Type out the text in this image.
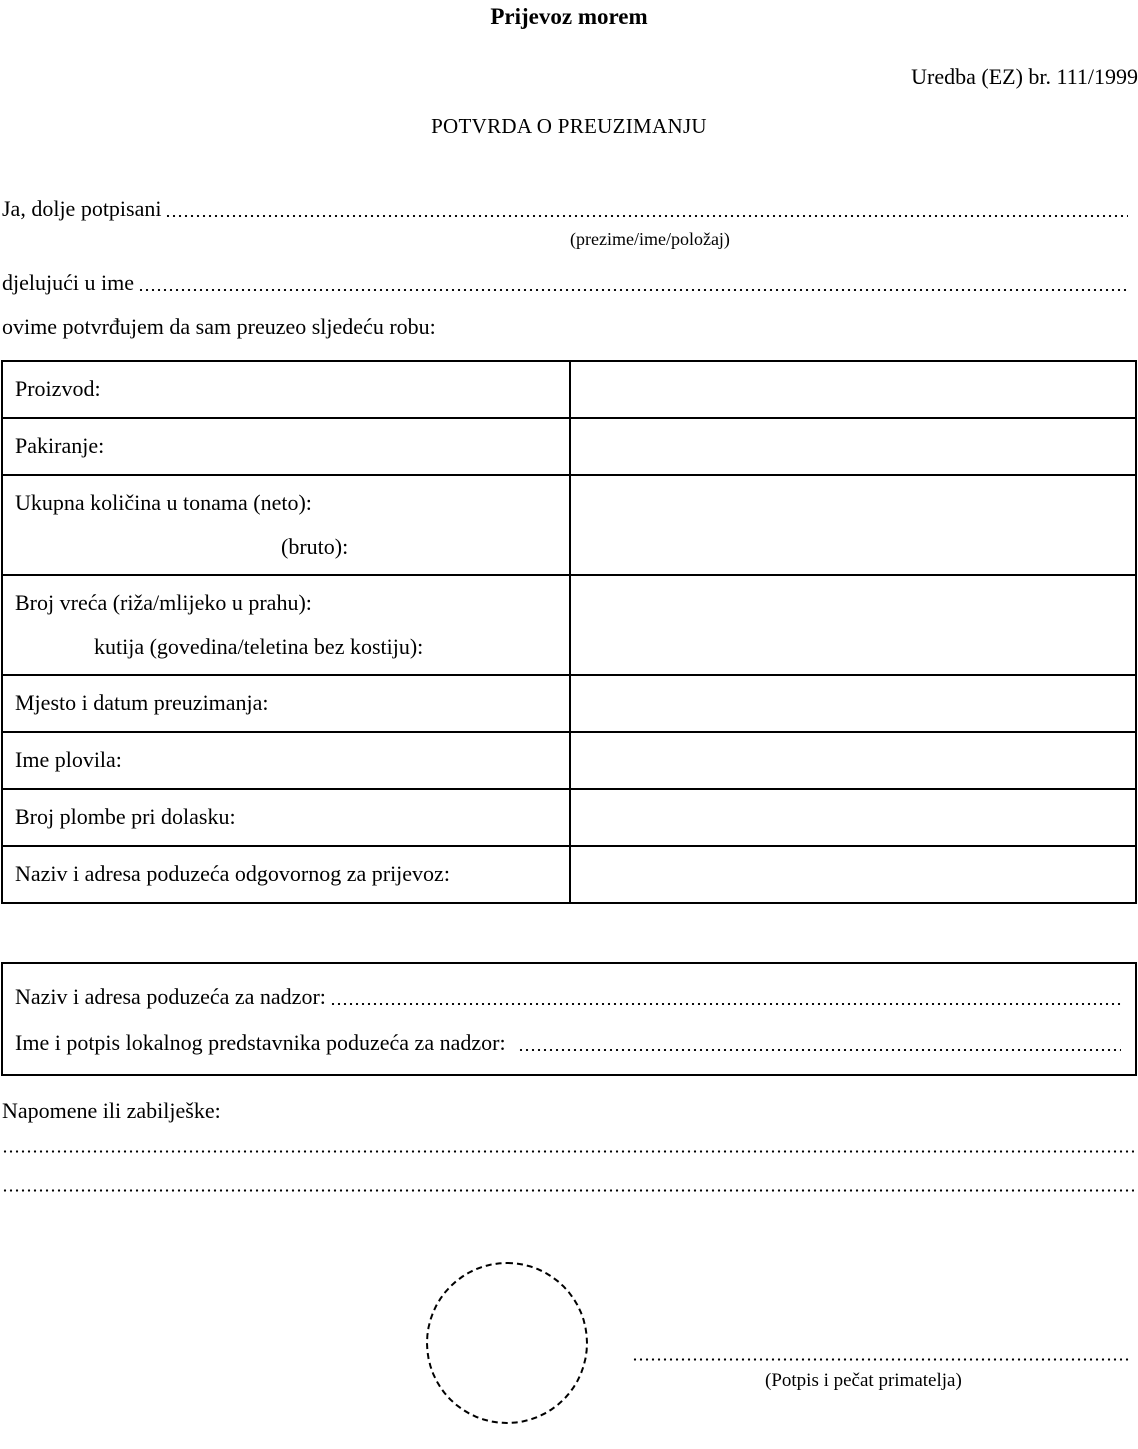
Prijevoz morem
Uredba (EZ) br. 111/1999
POTVRDA O PREUZIMANJU
Ja, dolje potpisani
(prezime/ime/položaj)
djelujući u ime
ovime potvrđujem da sam preuzeo sljedeću robu:
Proizvod:	

Pakiranje:	

Ukupna količina u tonama (neto):
(bruto):	

Broj vreća (riža/mlijeko u prahu):
kutija (govedina/teletina bez kostiju):	

Mjesto i datum preuzimanja:	

Ime plovila:	

Broj plombe pri dolasku:	

Naziv i adresa poduzeća odgovornog za prijevoz:	

Naziv i adresa poduzeća za nadzor:
Ime i potpis lokalnog predstavnika poduzeća za nadzor:
Napomene ili zabilješke:
(Potpis i pečat primatelja)
